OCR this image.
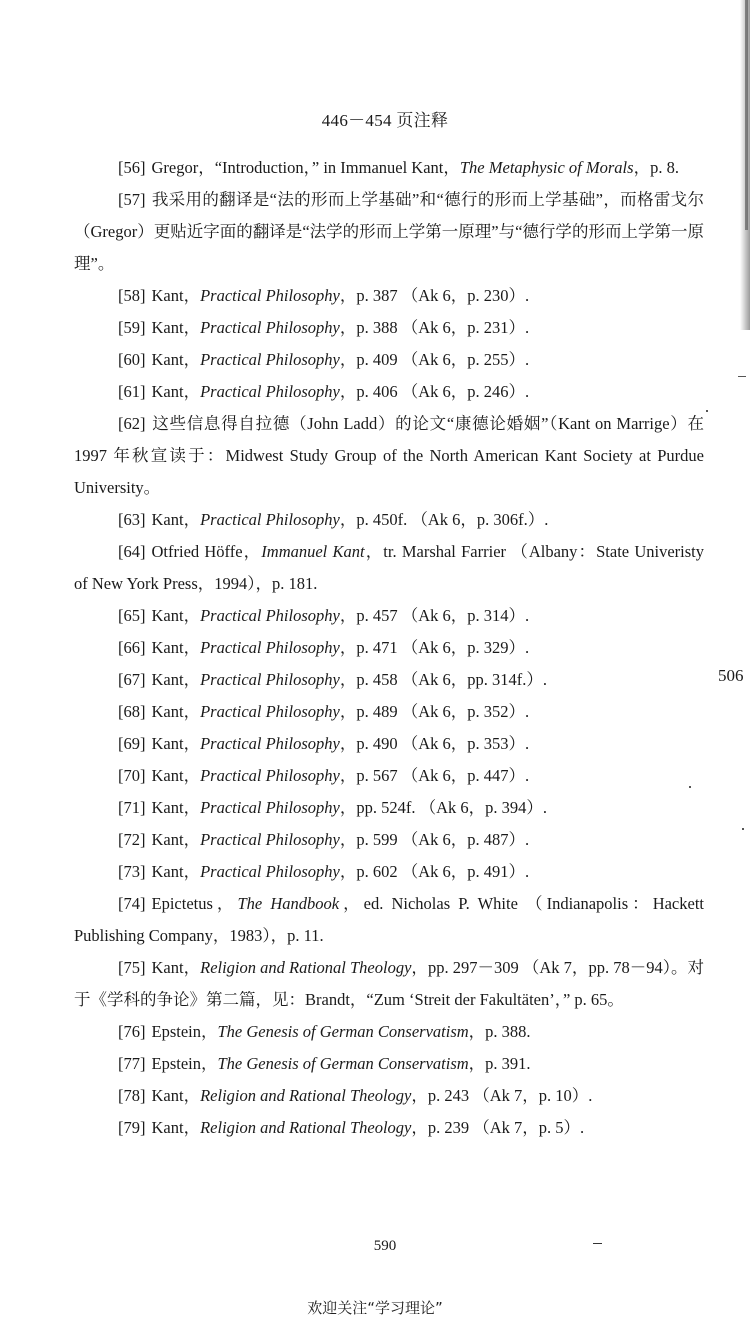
446－454 页注释

[56] Gregor，“Introduction，” in Immanuel Kant，The Metaphysic of Morals，p. 8.

[57] 我采用的翻译是“法的形而上学基础”和“德行的形而上学基础”，而格雷戈尔（Gregor）更贴近字面的翻译是“法学的形而上学第一原理”与“德行学的形而上学第一原理”。

[58] Kant，Practical Philosophy，p. 387 （Ak 6，p. 230）.

[59] Kant，Practical Philosophy，p. 388 （Ak 6，p. 231）.

[60] Kant，Practical Philosophy，p. 409 （Ak 6，p. 255）.

[61] Kant，Practical Philosophy，p. 406 （Ak 6，p. 246）.

[62] 这些信息得自拉德（John Ladd）的论文“康德论婚姻”（Kant on Marrige）在 1997 年秋宣读于：Midwest Study Group of the North American Kant Society at Purdue University。

[63] Kant，Practical Philosophy，p. 450f. （Ak 6，p. 306f.）.

[64] Otfried Höffe，Immanuel Kant，tr. Marshal Farrier （Albany：State Univeristy of New York Press，1994），p. 181.

[65] Kant，Practical Philosophy，p. 457 （Ak 6，p. 314）.

[66] Kant，Practical Philosophy，p. 471 （Ak 6，p. 329）.

[67] Kant，Practical Philosophy，p. 458 （Ak 6，pp. 314f.）.

[68] Kant，Practical Philosophy，p. 489 （Ak 6，p. 352）.

[69] Kant，Practical Philosophy，p. 490 （Ak 6，p. 353）.

[70] Kant，Practical Philosophy，p. 567 （Ak 6，p. 447）.

[71] Kant，Practical Philosophy，pp. 524f. （Ak 6，p. 394）.

[72] Kant，Practical Philosophy，p. 599 （Ak 6，p. 487）.

[73] Kant，Practical Philosophy，p. 602 （Ak 6，p. 491）.

[74] Epictetus，The Handbook，ed. Nicholas P. White （Indianapolis：Hackett Publishing Company，1983），p. 11.

[75] Kant，Religion and Rational Theology，pp. 297－309 （Ak 7，pp. 78－94）。对于《学科的争论》第二篇，见：Brandt，“Zum ‘Streit der Fakultäten’，” p. 65。

[76] Epstein，The Genesis of German Conservatism，p. 388.

[77] Epstein，The Genesis of German Conservatism，p. 391.

[78] Kant，Religion and Rational Theology，p. 243 （Ak 7，p. 10）.

[79] Kant，Religion and Rational Theology，p. 239 （Ak 7，p. 5）.

506
590
欢迎关注“学习理论”
